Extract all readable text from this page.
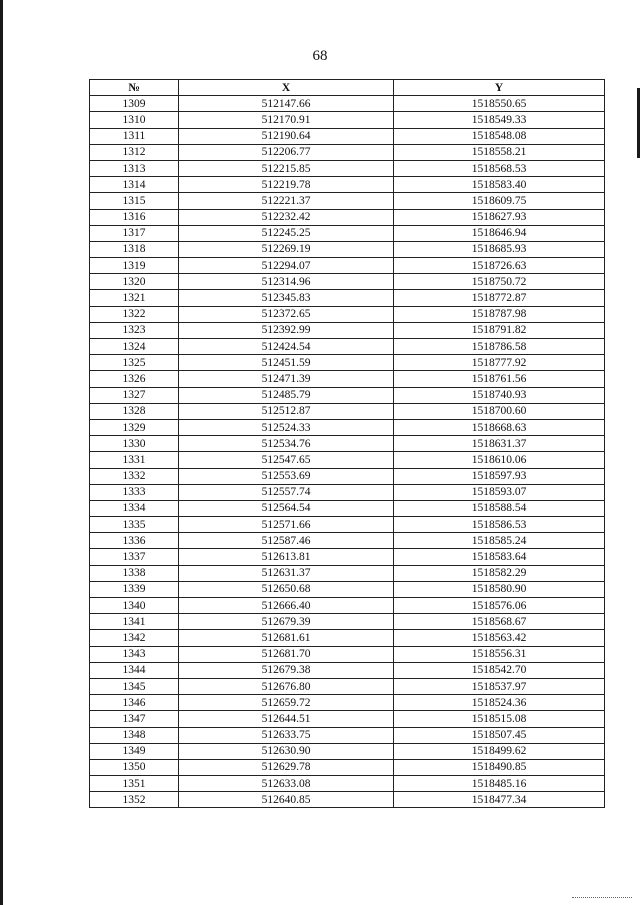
68
№	X	Y
1309	512147.66	1518550.65
1310	512170.91	1518549.33
1311	512190.64	1518548.08
1312	512206.77	1518558.21
1313	512215.85	1518568.53
1314	512219.78	1518583.40
1315	512221.37	1518609.75
1316	512232.42	1518627.93
1317	512245.25	1518646.94
1318	512269.19	1518685.93
1319	512294.07	1518726.63
1320	512314.96	1518750.72
1321	512345.83	1518772.87
1322	512372.65	1518787.98
1323	512392.99	1518791.82
1324	512424.54	1518786.58
1325	512451.59	1518777.92
1326	512471.39	1518761.56
1327	512485.79	1518740.93
1328	512512.87	1518700.60
1329	512524.33	1518668.63
1330	512534.76	1518631.37
1331	512547.65	1518610.06
1332	512553.69	1518597.93
1333	512557.74	1518593.07
1334	512564.54	1518588.54
1335	512571.66	1518586.53
1336	512587.46	1518585.24
1337	512613.81	1518583.64
1338	512631.37	1518582.29
1339	512650.68	1518580.90
1340	512666.40	1518576.06
1341	512679.39	1518568.67
1342	512681.61	1518563.42
1343	512681.70	1518556.31
1344	512679.38	1518542.70
1345	512676.80	1518537.97
1346	512659.72	1518524.36
1347	512644.51	1518515.08
1348	512633.75	1518507.45
1349	512630.90	1518499.62
1350	512629.78	1518490.85
1351	512633.08	1518485.16
1352	512640.85	1518477.34
